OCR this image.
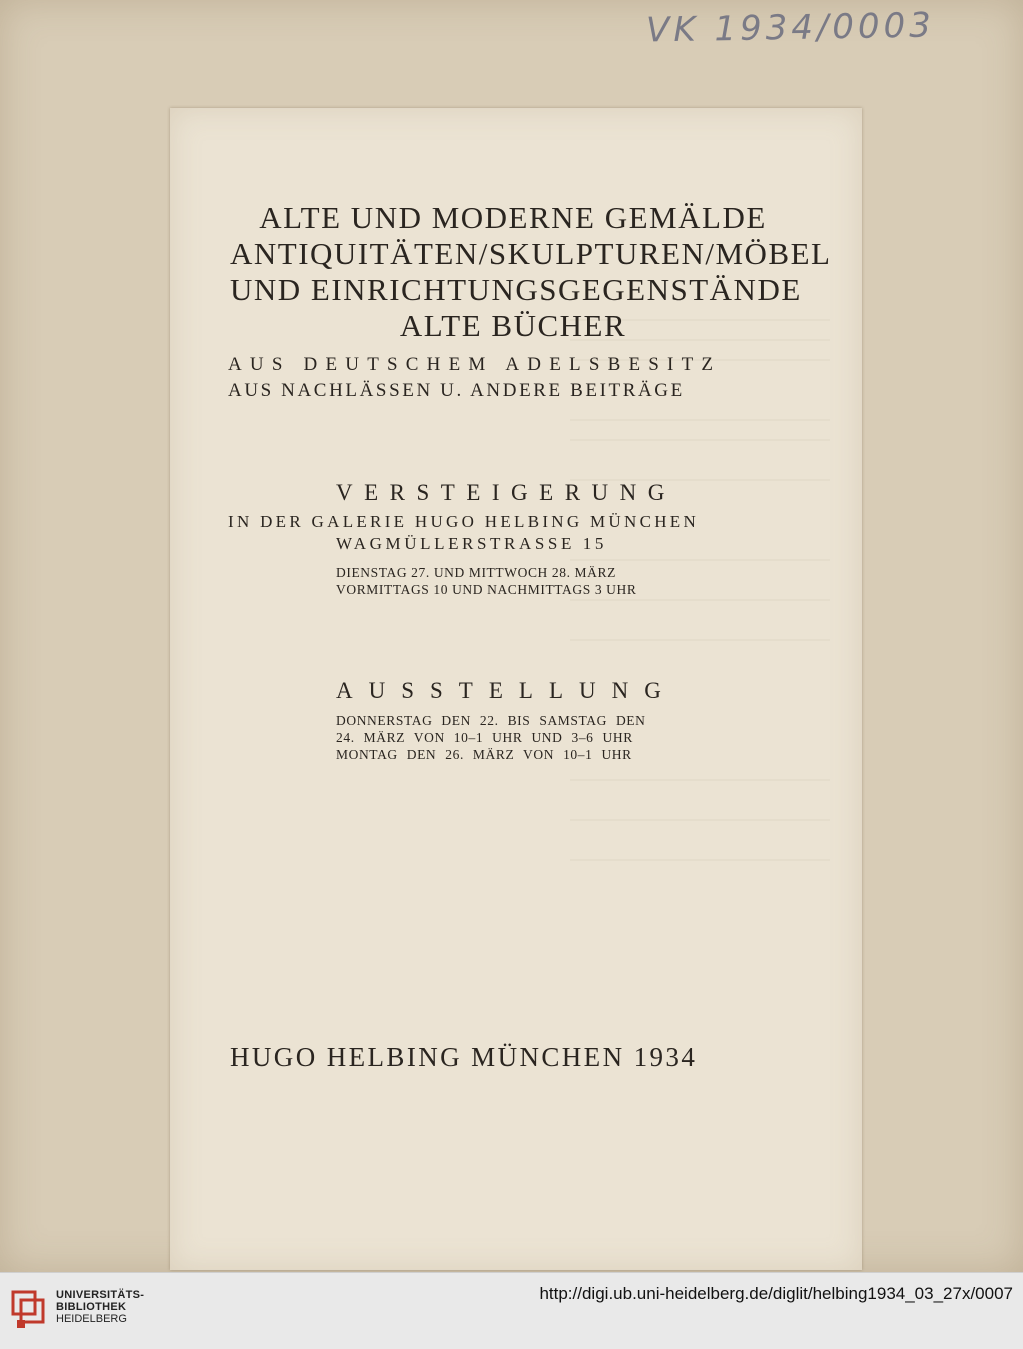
VK 1934/0003
ALTE UND MODERNE GEMÄLDE
ANTIQUITÄTEN/SKULPTUREN/MÖBEL
UND EINRICHTUNGSGEGENSTÄNDE
ALTE BÜCHER
AUS DEUTSCHEM ADELSBESITZ
AUS NACHLÄSSEN U. ANDERE BEITRÄGE
VERSTEIGERUNG
IN DER GALERIE HUGO HELBING MÜNCHEN
WAGMÜLLERSTRASSE 15
DIENSTAG 27. UND MITTWOCH 28. MÄRZ
VORMITTAGS 10 UND NACHMITTAGS 3 UHR
AUSSTELLUNG
DONNERSTAG DEN 22. BIS SAMSTAG DEN
24. MÄRZ VON 10–1 UHR UND 3–6 UHR
MONTAG DEN 26. MÄRZ VON 10–1 UHR
HUGO HELBING MÜNCHEN 1934
UNIVERSITÄTS-
BIBLIOTHEK
HEIDELBERG
http://digi.ub.uni-heidelberg.de/diglit/helbing1934_03_27x/0007
